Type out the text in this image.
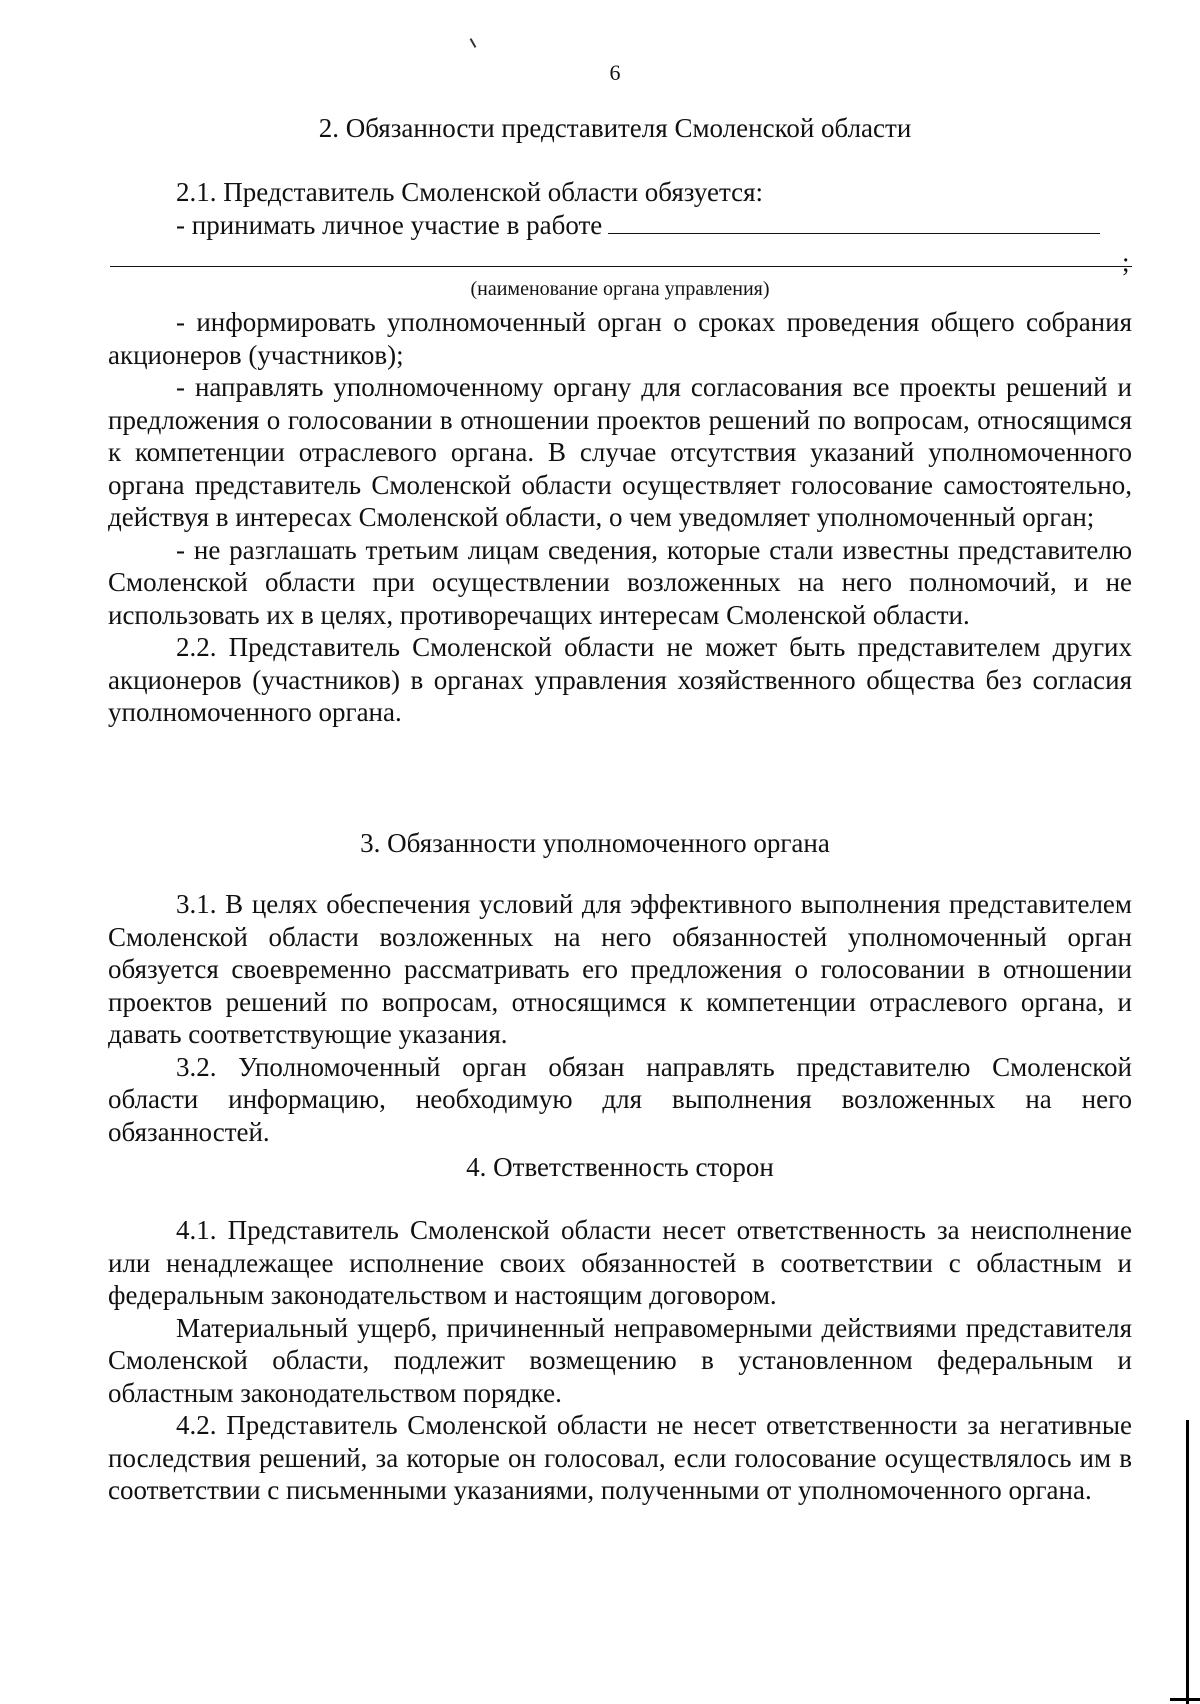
6
2. Обязанности представителя Смоленской области

2.1. Представитель Смоленской области обязуется:

- принимать личное участие в работе

;
(наименование органа управления)

- информировать уполномоченный орган о сроках проведения общего собрания акционеров (участников);

- направлять уполномоченному органу для согласования все проекты решений и предложения о голосовании в отношении проектов решений по вопросам, относящимся к компетенции отраслевого органа. В случае отсутствия указаний уполномоченного органа представитель Смоленской области осуществляет голосование самостоятельно, действуя в интересах Смоленской области, о чем уведомляет уполномоченный орган;

- не разглашать третьим лицам сведения, которые стали известны представителю Смоленской области при осуществлении возложенных на него полномочий, и не использовать их в целях, противоречащих интересам Смоленской области.

2.2. Представитель Смоленской области не может быть представителем других акционеров (участников) в органах управления хозяйственного общества без согласия уполномоченного органа.

3. Обязанности уполномоченного органа

3.1. В целях обеспечения условий для эффективного выполнения представителем Смоленской области возложенных на него обязанностей уполномоченный орган обязуется своевременно рассматривать его предложения о голосовании в отношении проектов решений по вопросам, относящимся к компетенции отраслевого органа, и давать соответствующие указания.

3.2. Уполномоченный орган обязан направлять представителю Смоленской области информацию, необходимую для выполнения возложенных на него обязанностей.

4. Ответственность сторон

4.1. Представитель Смоленской области несет ответственность за неисполнение или ненадлежащее исполнение своих обязанностей в соответствии с областным и федеральным законодательством и настоящим договором.

Материальный ущерб, причиненный неправомерными действиями представителя Смоленской области, подлежит возмещению в установленном федеральным и областным законодательством порядке.

4.2. Представитель Смоленской области не несет ответственности за негативные последствия решений, за которые он голосовал, если голосование осуществлялось им в соответствии с письменными указаниями, полученными от уполномоченного органа.
